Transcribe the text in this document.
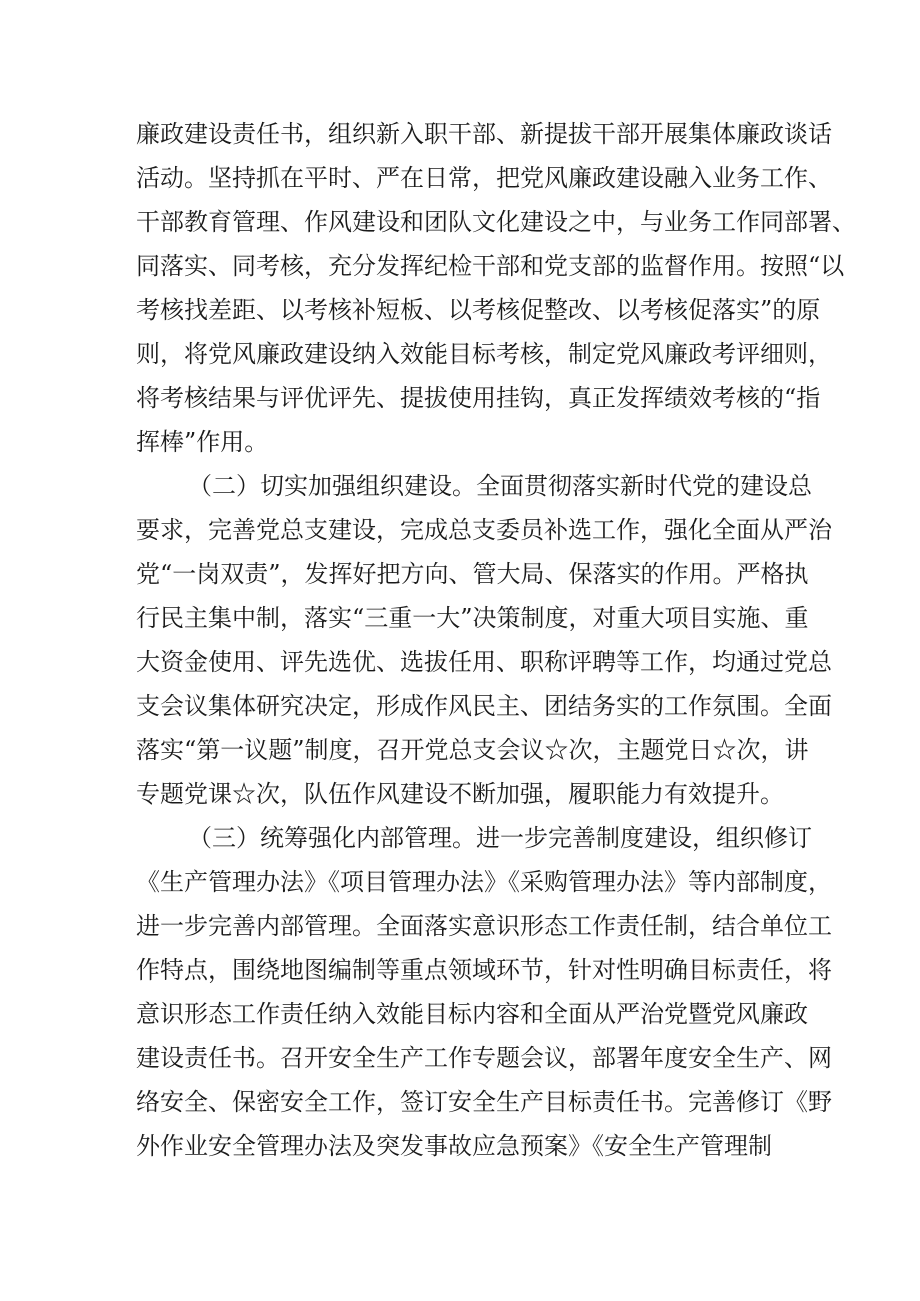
廉政建设责任书，组织新入职干部、新提拔干部开展集体廉政谈话
活动。坚持抓在平时、严在日常，把党风廉政建设融入业务工作、
干部教育管理、作风建设和团队文化建设之中，与业务工作同部署、
同落实、同考核，充分发挥纪检干部和党支部的监督作用。按照“以
考核找差距、以考核补短板、以考核促整改、以考核促落实”的原
则，将党风廉政建设纳入效能目标考核，制定党风廉政考评细则，
将考核结果与评优评先、提拔使用挂钩，真正发挥绩效考核的“指
挥棒”作用。
（二）切实加强组织建设。全面贯彻落实新时代党的建设总
要求，完善党总支建设，完成总支委员补选工作，强化全面从严治
党“一岗双责”，发挥好把方向、管大局、保落实的作用。严格执
行民主集中制，落实“三重一大”决策制度，对重大项目实施、重
大资金使用、评先选优、选拔任用、职称评聘等工作，均通过党总
支会议集体研究决定，形成作风民主、团结务实的工作氛围。全面
落实“第一议题”制度，召开党总支会议☆次，主题党日☆次，讲
专题党课☆次，队伍作风建设不断加强，履职能力有效提升。
（三）统筹强化内部管理。进一步完善制度建设，组织修订
《生产管理办法》《项目管理办法》《采购管理办法》等内部制度，
进一步完善内部管理。全面落实意识形态工作责任制，结合单位工
作特点，围绕地图编制等重点领域环节，针对性明确目标责任，将
意识形态工作责任纳入效能目标内容和全面从严治党暨党风廉政
建设责任书。召开安全生产工作专题会议，部署年度安全生产、网
络安全、保密安全工作，签订安全生产目标责任书。完善修订《野
外作业安全管理办法及突发事故应急预案》《安全生产管理制
